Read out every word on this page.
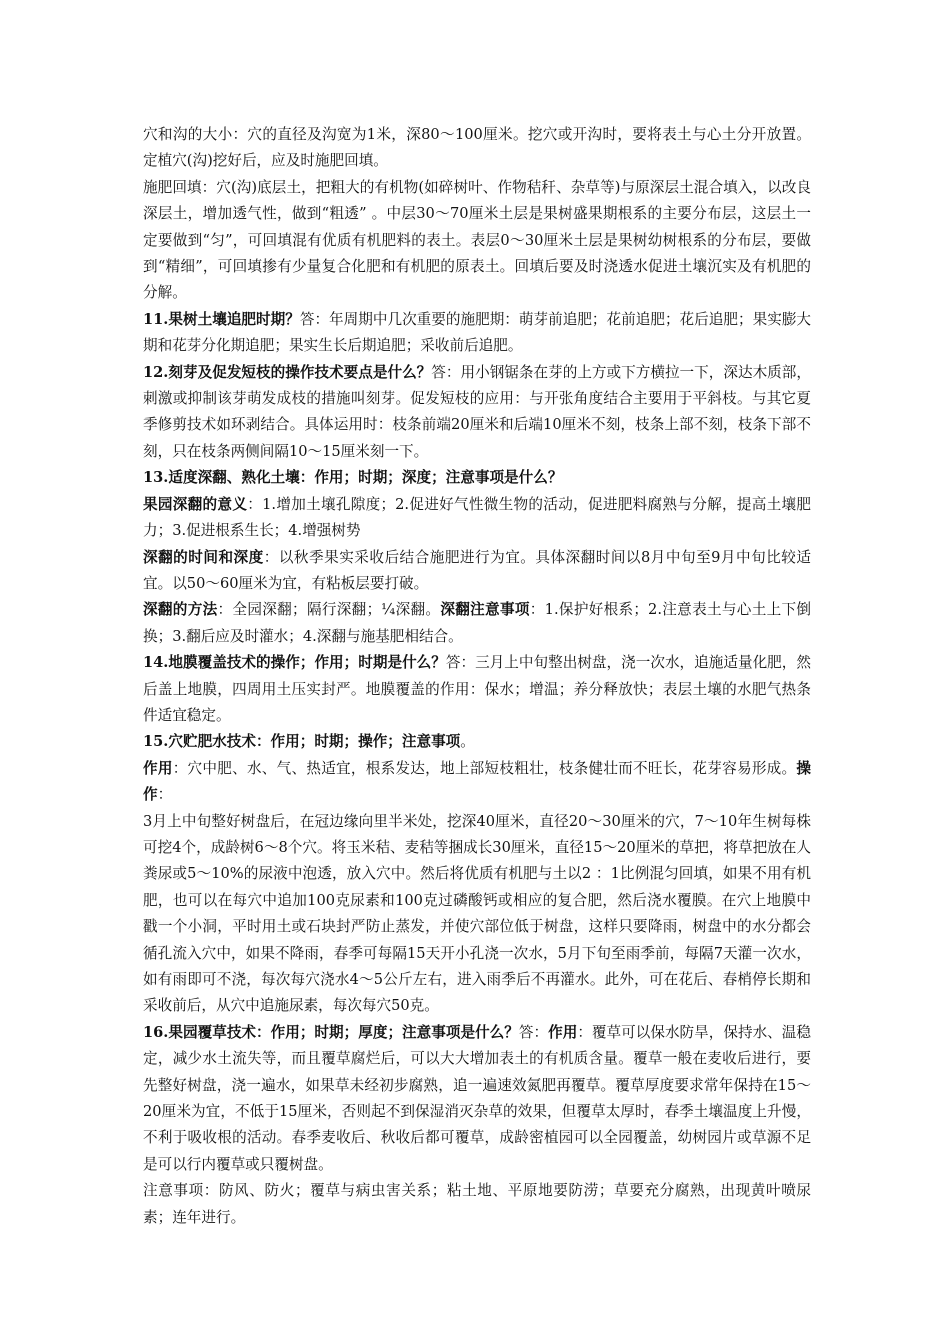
穴和沟的大小：穴的直径及沟宽为1米，深80～100厘米。挖穴或开沟时，要将表土与心土分开放置。定植穴(沟)挖好后，应及时施肥回填。

施肥回填：穴(沟)底层土，把粗大的有机物(如碎树叶、作物秸秆、杂草等)与原深层土混合填入，以改良深层土，增加透气性，做到“粗透” 。中层30～70厘米土层是果树盛果期根系的主要分布层，这层土一定要做到“匀”，可回填混有优质有机肥料的表土。表层0～30厘米土层是果树幼树根系的分布层，要做到“精细”，可回填掺有少量复合化肥和有机肥的原表土。回填后要及时浇透水促进土壤沉实及有机肥的分解。

11.果树土壤追肥时期？答：年周期中几次重要的施肥期：萌芽前追肥；花前追肥；花后追肥；果实膨大期和花芽分化期追肥；果实生长后期追肥；采收前后追肥。

12.刻芽及促发短枝的操作技术要点是什么？答：用小钢锯条在芽的上方或下方横拉一下，深达木质部，刺激或抑制该芽萌发成枝的措施叫刻芽。促发短枝的应用：与开张角度结合主要用于平斜枝。与其它夏季修剪技术如环剥结合。具体运用时：枝条前端20厘米和后端10厘米不刻，枝条上部不刻，枝条下部不刻，只在枝条两侧间隔10～15厘米刻一下。

13.适度深翻、熟化土壤：作用；时期；深度；注意事项是什么？

果园深翻的意义：1.增加土壤孔隙度；2.促进好气性微生物的活动，促进肥料腐熟与分解，提高土壤肥力；3.促进根系生长；4.增强树势

深翻的时间和深度：以秋季果实采收后结合施肥进行为宜。具体深翻时间以8月中旬至9月中旬比较适宜。以50～60厘米为宜，有粘板层要打破。

深翻的方法：全园深翻；隔行深翻；¼深翻。深翻注意事项：1.保护好根系；2.注意表土与心土上下倒换；3.翻后应及时灌水；4.深翻与施基肥相结合。

14.地膜覆盖技术的操作；作用；时期是什么？答：三月上中旬整出树盘，浇一次水，追施适量化肥，然后盖上地膜，四周用土压实封严。地膜覆盖的作用：保水；增温；养分释放快；表层土壤的水肥气热条件适宜稳定。

15.穴贮肥水技术：作用；时期；操作；注意事项。

作用：穴中肥、水、气、热适宜，根系发达，地上部短枝粗壮，枝条健壮而不旺长，花芽容易形成。操作：

3月上中旬整好树盘后，在冠边缘向里半米处，挖深40厘米，直径20～30厘米的穴，7～10年生树每株可挖4个，成龄树6～8个穴。将玉米秸、麦秸等捆成长30厘米，直径15～20厘米的草把，将草把放在人粪尿或5～10%的尿液中泡透，放入穴中。然后将优质有机肥与土以2 ：1比例混匀回填，如果不用有机肥，也可以在每穴中追加100克尿素和100克过磷酸钙或相应的复合肥，然后浇水覆膜。在穴上地膜中戳一个小洞，平时用土或石块封严防止蒸发，并使穴部位低于树盘，这样只要降雨，树盘中的水分都会循孔流入穴中，如果不降雨，春季可每隔15天开小孔浇一次水，5月下旬至雨季前，每隔7天灌一次水，如有雨即可不浇，每次每穴浇水4～5公斤左右，进入雨季后不再灌水。此外，可在花后、春梢停长期和采收前后，从穴中追施尿素，每次每穴50克。

16.果园覆草技术：作用；时期；厚度；注意事项是什么？答：作用：覆草可以保水防旱，保持水、温稳定，减少水土流失等，而且覆草腐烂后，可以大大增加表土的有机质含量。覆草一般在麦收后进行，要先整好树盘，浇一遍水，如果草未经初步腐熟，追一遍速效氮肥再覆草。覆草厚度要求常年保持在15～20厘米为宜，不低于15厘米，否则起不到保湿消灭杂草的效果，但覆草太厚时，春季土壤温度上升慢，不利于吸收根的活动。春季麦收后、秋收后都可覆草，成龄密植园可以全园覆盖，幼树园片或草源不足是可以行内覆草或只覆树盘。

注意事项：防风、防火；覆草与病虫害关系；粘土地、平原地要防涝；草要充分腐熟，出现黄叶喷尿素；连年进行。
